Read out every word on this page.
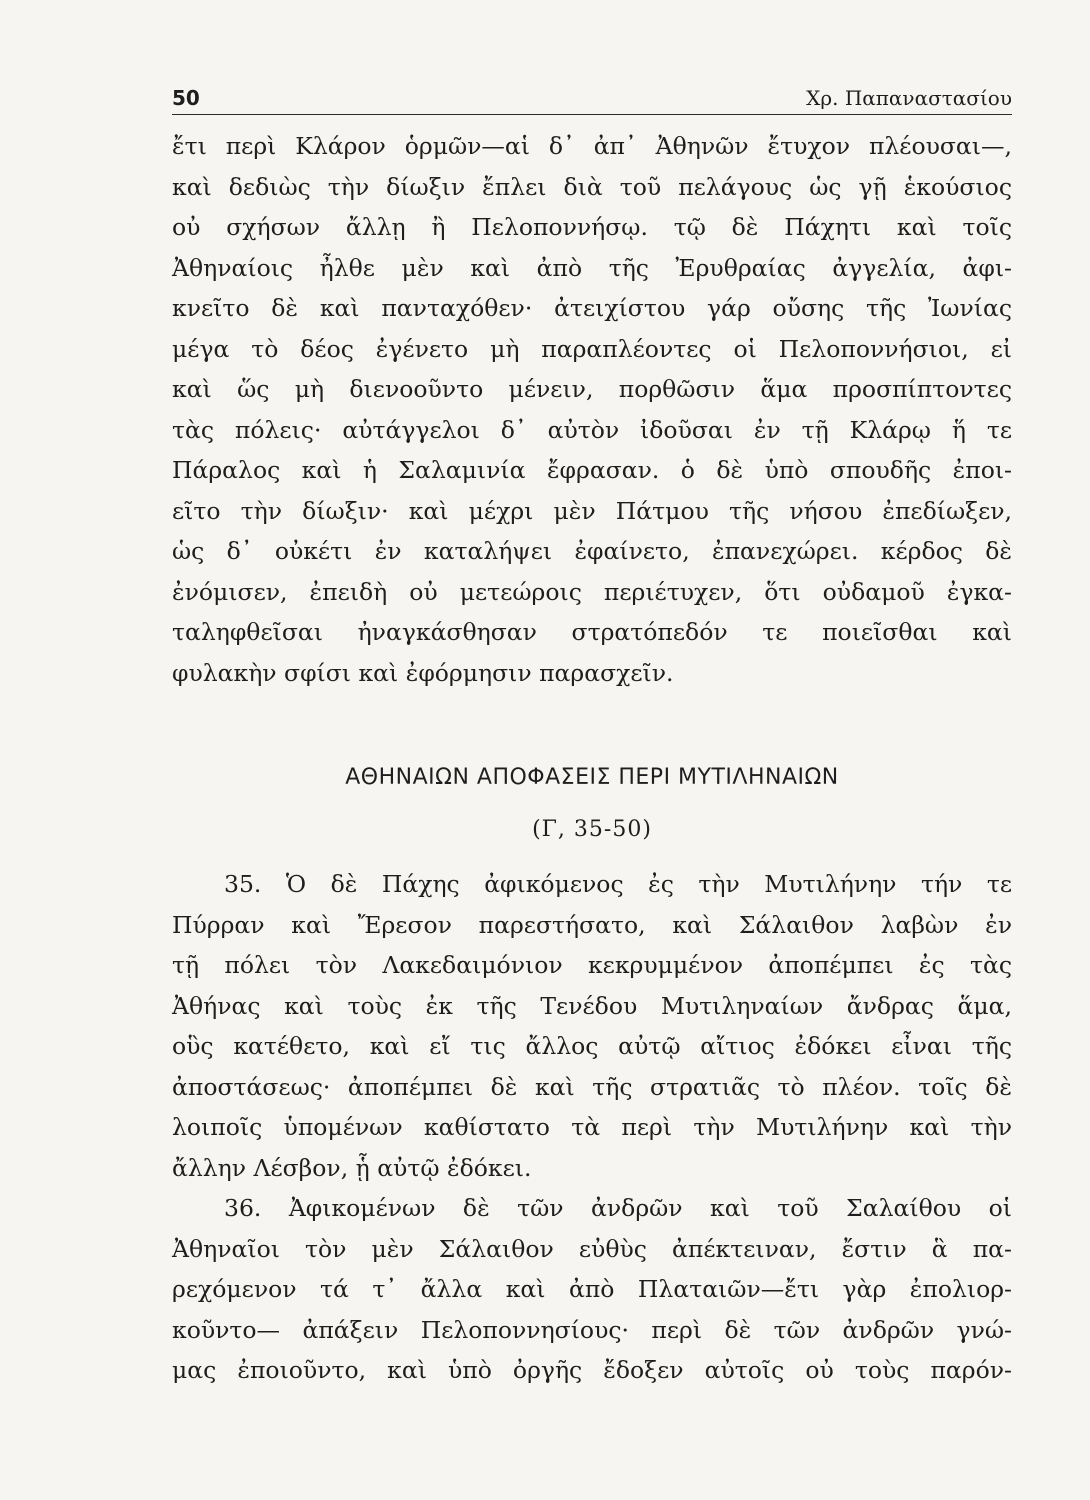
50	Χρ. Παπαναστασίου
ἔτι περὶ Κλάρον ὁρμῶν—αἱ δ᾽ ἀπ᾽ Ἀθηνῶν ἔτυχον πλέουσαι—,
καὶ δεδιὼς τὴν δίωξιν ἔπλει διὰ τοῦ πελάγους ὡς γῇ ἑκούσιος
οὐ σχήσων ἄλλῃ ἢ Πελοποννήσῳ. τῷ δὲ Πάχητι καὶ τοῖς
Ἀθηναίοις ἦλθε μὲν καὶ ἀπὸ τῆς Ἐρυθραίας ἀγγελία, ἀφι-
κνεῖτο δὲ καὶ πανταχόθεν· ἀτειχίστου γάρ οὔσης τῆς Ἰωνίας
μέγα τὸ δέος ἐγένετο μὴ παραπλέοντες οἱ Πελοποννήσιοι, εἰ
καὶ ὥς μὴ διενοοῦντο μένειν, πορθῶσιν ἅμα προσπίπτοντες
τὰς πόλεις· αὐτάγγελοι δ᾽ αὐτὸν ἰδοῦσαι ἐν τῇ Κλάρῳ ἥ τε
Πάραλος καὶ ἡ Σαλαμινία ἔφρασαν. ὁ δὲ ὑπὸ σπουδῆς ἐποι-
εῖτο τὴν δίωξιν· καὶ μέχρι μὲν Πάτμου τῆς νήσου ἐπεδίωξεν,
ὡς δ᾽ οὐκέτι ἐν καταλήψει ἐφαίνετο, ἐπανεχώρει. κέρδος δὲ
ἐνόμισεν, ἐπειδὴ οὐ μετεώροις περιέτυχεν, ὅτι οὐδαμοῦ ἐγκα-
ταληφθεῖσαι ἠναγκάσθησαν στρατόπεδόν τε ποιεῖσθαι καὶ
φυλακὴν σφίσι καὶ ἐφόρμησιν παρασχεῖν.
ΑΘΗΝΑΙΩΝ ΑΠΟΦΑΣΕΙΣ ΠΕΡΙ ΜΥΤΙΛΗΝΑΙΩΝ
(Γ, 35-50)
35. Ὁ δὲ Πάχης ἀφικόμενος ἐς τὴν Μυτιλήνην τήν τε
Πύρραν καὶ Ἔρεσον παρεστήσατο, καὶ Σάλαιθον λαβὼν ἐν
τῇ πόλει τὸν Λακεδαιμόνιον κεκρυμμένον ἀποπέμπει ἐς τὰς
Ἀθήνας καὶ τοὺς ἐκ τῆς Τενέδου Μυτιληναίων ἄνδρας ἅμα,
οὓς κατέθετο, καὶ εἴ τις ἄλλος αὐτῷ αἴτιος ἐδόκει εἶναι τῆς
ἀποστάσεως· ἀποπέμπει δὲ καὶ τῆς στρατιᾶς τὸ πλέον. τοῖς δὲ
λοιποῖς ὑπομένων καθίστατο τὰ περὶ τὴν Μυτιλήνην καὶ τὴν
ἄλλην Λέσβον, ᾗ αὐτῷ ἐδόκει.
36. Ἀφικομένων δὲ τῶν ἀνδρῶν καὶ τοῦ Σαλαίθου οἱ
Ἀθηναῖοι τὸν μὲν Σάλαιθον εὐθὺς ἀπέκτειναν, ἔστιν ἃ πα-
ρεχόμενον τά τ᾽ ἄλλα καὶ ἀπὸ Πλαταιῶν—ἔτι γὰρ ἐπολιορ-
κοῦντο— ἀπάξειν Πελοποννησίους· περὶ δὲ τῶν ἀνδρῶν γνώ-
μας ἐποιοῦντο, καὶ ὑπὸ ὀργῆς ἔδοξεν αὐτοῖς οὐ τοὺς παρόν-
